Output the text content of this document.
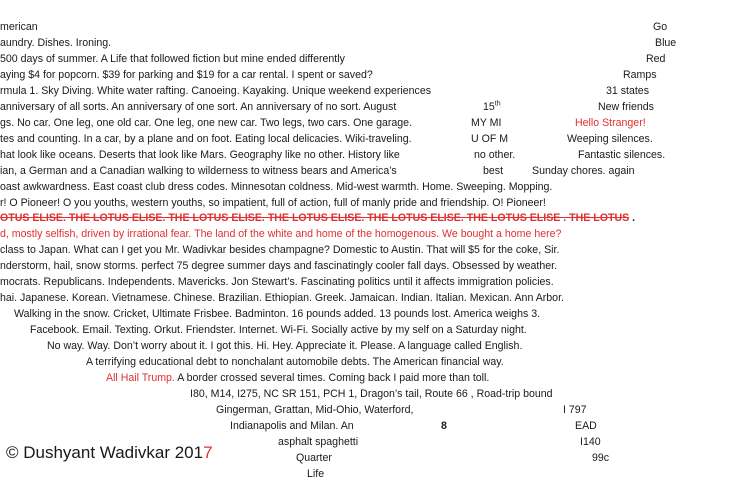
merican	Go
aundry. Dishes. Ironing.	Blue
500 days of summer. A Life that followed fiction but mine ended differently	Red
aying $4 for popcorn. $39 for parking and $19 for a car rental. I spent or saved?	Ramps
rmula 1. Sky Diving. White water rafting. Canoeing. Kayaking. Unique weekend experiences	31 states
anniversary of all sorts. An anniversary of one sort. An anniversary of no sort. August	15th	New friends
gs. No car. One leg, one old car. One leg, one new car. Two legs, two cars. One garage.	MY MI	Hello Stranger!
tes and counting. In a car, by a plane and on foot. Eating local delicacies. Wiki-traveling.	U OF M	Weeping silences.
hat look like oceans. Deserts that look like Mars. Geography like no other. History like	no other.	Fantastic silences.
ian, a German and a Canadian walking to wilderness to witness bears and America’s	best	Sunday chores. again
oast awkwardness. East coast club dress codes. Minnesotan coldness. Mid-west warmth. Home. Sweeping. Mopping.
r! O Pioneer! O you youths, western youths, so impatient, full of action, full of manly pride and friendship. O! Pioneer!
OTUS ELISE. THE LOTUS ELISE. THE LOTUS ELISE. THE LOTUS ELISE. THE LOTUS ELISE. THE LOTUS ELISE . THE LOTUS .
d, mostly selfish, driven by irrational fear. The land of the white and home of the homogenous. We bought a home here?
class to Japan. What can I get you Mr. Wadivkar besides champagne? Domestic to Austin. That will $5 for the coke, Sir.
nderstorm, hail, snow storms. perfect 75 degree summer days and fascinatingly cooler fall days. Obsessed by weather.
mocrats. Republicans. Independents. Mavericks. Jon Stewart’s. Fascinating politics until it affects immigration policies.
hai. Japanese. Korean. Vietnamese. Chinese. Brazilian. Ethiopian. Greek. Jamaican. Indian. Italian. Mexican. Ann Arbor.
Walking in the snow. Cricket, Ultimate Frisbee. Badminton. 16 pounds added. 13 pounds lost. America weighs 3.
Facebook. Email. Texting. Orkut. Friendster. Internet. Wi-Fi. Socially active by my self on a Saturday night.
No way. Way. Don’t worry about it. I got this. Hi. Hey. Appreciate it. Please. A language called English.
A terrifying educational debt to nonchalant automobile debts. The American financial way.
All Hail Trump. A border crossed several times. Coming back I paid more than toll.
I80, M14, I275, NC SR 151, PCH 1, Dragon’s tail, Route 66 , Road-trip bound
Gingerman, Grattan, Mid-Ohio, Waterford,	I 797
Indianapolis and Milan. An	8	EAD
asphalt spaghetti	I140
Quarter	99c
Life
© Dushyant Wadivkar 2017
